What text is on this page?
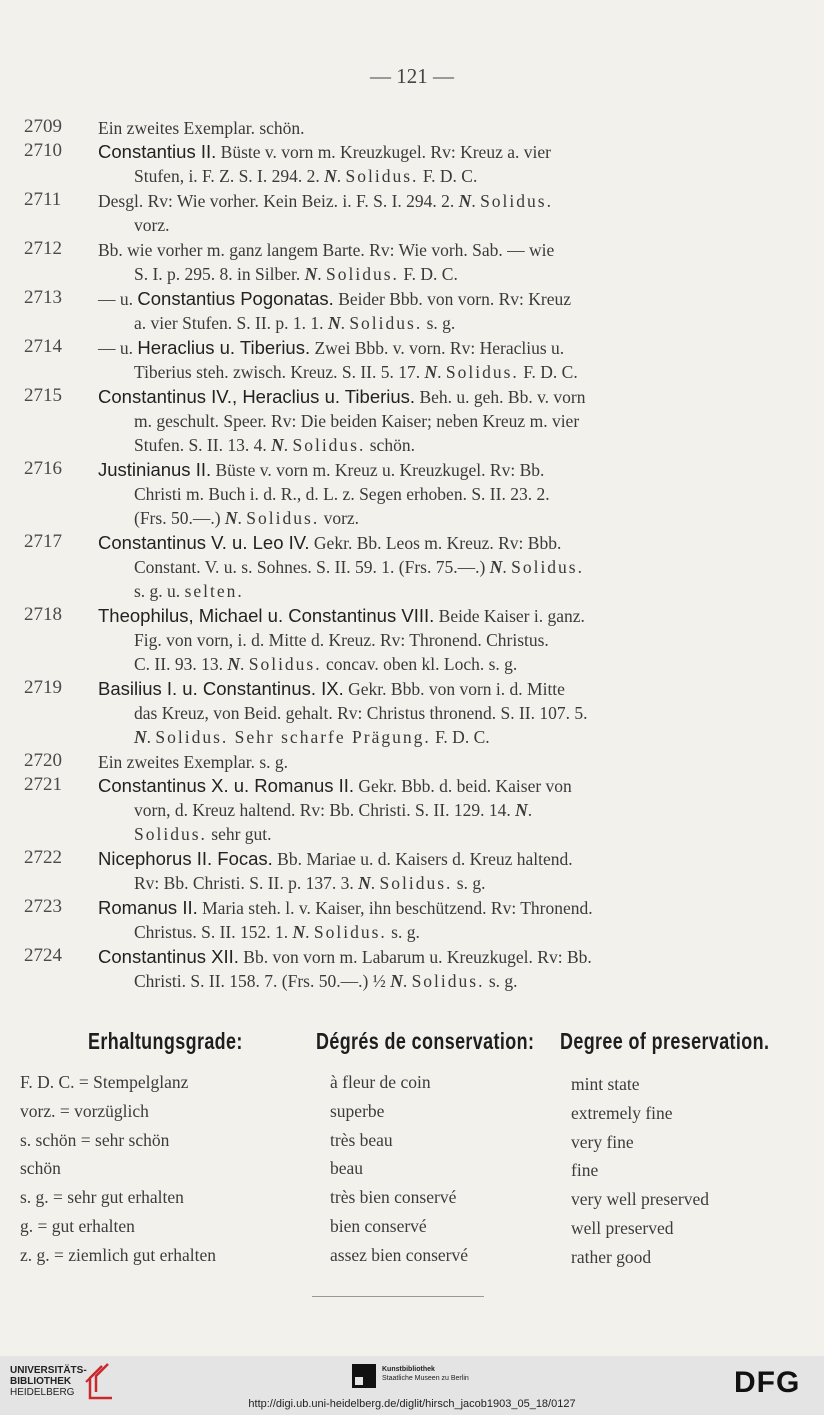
— 121 —
2709 Ein zweites Exemplar. schön.
2710 Constantius II. Büste v. vorn m. Kreuzkugel. Rv: Kreuz a. vier
Stufen, i. F. Z. S. I. 294. 2. N. Solidus. F. D. C.
2711 Desgl. Rv: Wie vorher. Kein Beiz. i. F. S. I. 294. 2. N. Solidus.
vorz.
2712 Bb. wie vorher m. ganz langem Barte. Rv: Wie vorh. Sab. — wie
S. I. p. 295. 8. in Silber. N. Solidus. F. D. C.
2713 — u. Constantius Pogonatas. Beider Bbb. von vorn. Rv: Kreuz
a. vier Stufen. S. II. p. 1. 1. N. Solidus. s. g.
2714 — u. Heraclius u. Tiberius. Zwei Bbb. v. vorn. Rv: Heraclius u.
Tiberius steh. zwisch. Kreuz. S. II. 5. 17. N. Solidus. F. D. C.
2715 Constantinus IV., Heraclius u. Tiberius. Beh. u. geh. Bb. v. vorn
m. geschult. Speer. Rv: Die beiden Kaiser; neben Kreuz m. vier
Stufen. S. II. 13. 4. N. Solidus. schön.
2716 Justinianus II. Büste v. vorn m. Kreuz u. Kreuzkugel. Rv: Bb.
Christi m. Buch i. d. R., d. L. z. Segen erhoben. S. II. 23. 2.
(Frs. 50.—.) N. Solidus. vorz.
2717 Constantinus V. u. Leo IV. Gekr. Bb. Leos m. Kreuz. Rv: Bbb.
Constant. V. u. s. Sohnes. S. II. 59. 1. (Frs. 75.—.) N. Solidus.
s. g. u. selten.
2718 Theophilus, Michael u. Constantinus VIII. Beide Kaiser i. ganz.
Fig. von vorn, i. d. Mitte d. Kreuz. Rv: Thronend. Christus.
C. II. 93. 13. N. Solidus. concav. oben kl. Loch. s. g.
2719 Basilius I. u. Constantinus. IX. Gekr. Bbb. von vorn i. d. Mitte
das Kreuz, von Beid. gehalt. Rv: Christus thronend. S. II. 107. 5.
N. Solidus. Sehr scharfe Prägung. F. D. C.
2720 Ein zweites Exemplar. s. g.
2721 Constantinus X. u. Romanus II. Gekr. Bbb. d. beid. Kaiser von
vorn, d. Kreuz haltend. Rv: Bb. Christi. S. II. 129. 14. N.
Solidus. sehr gut.
2722 Nicephorus II. Focas. Bb. Mariae u. d. Kaisers d. Kreuz haltend.
Rv: Bb. Christi. S. II. p. 137. 3. N. Solidus. s. g.
2723 Romanus II. Maria steh. l. v. Kaiser, ihn beschützend. Rv: Thronend.
Christus. S. II. 152. 1. N. Solidus. s. g.
2724 Constantinus XII. Bb. von vorn m. Labarum u. Kreuzkugel. Rv: Bb.
Christi. S. II. 158. 7. (Frs. 50.—.) ½ N. Solidus. s. g.
Erhaltungsgrade:	Dégrés de conservation: Degree of preservation.
F. D. C. = Stempelglanz
vorz. = vorzüglich
s. schön = sehr schön
schön
s. g. = sehr gut erhalten
g. = gut erhalten
z. g. = ziemlich gut erhalten
à fleur de coin
superbe
très beau
beau
très bien conservé
bien conservé
assez bien conservé
mint state
extremely fine
very fine
fine
very well preserved
well preserved
rather good
UNIVERSITÄTS-
BIBLIOTHEK
HEIDELBERG
Kunstbibliothek
Staatliche Museen zu Berlin	DFG
http://digi.ub.uni-heidelberg.de/diglit/hirsch_jacob1903_05_18/0127
